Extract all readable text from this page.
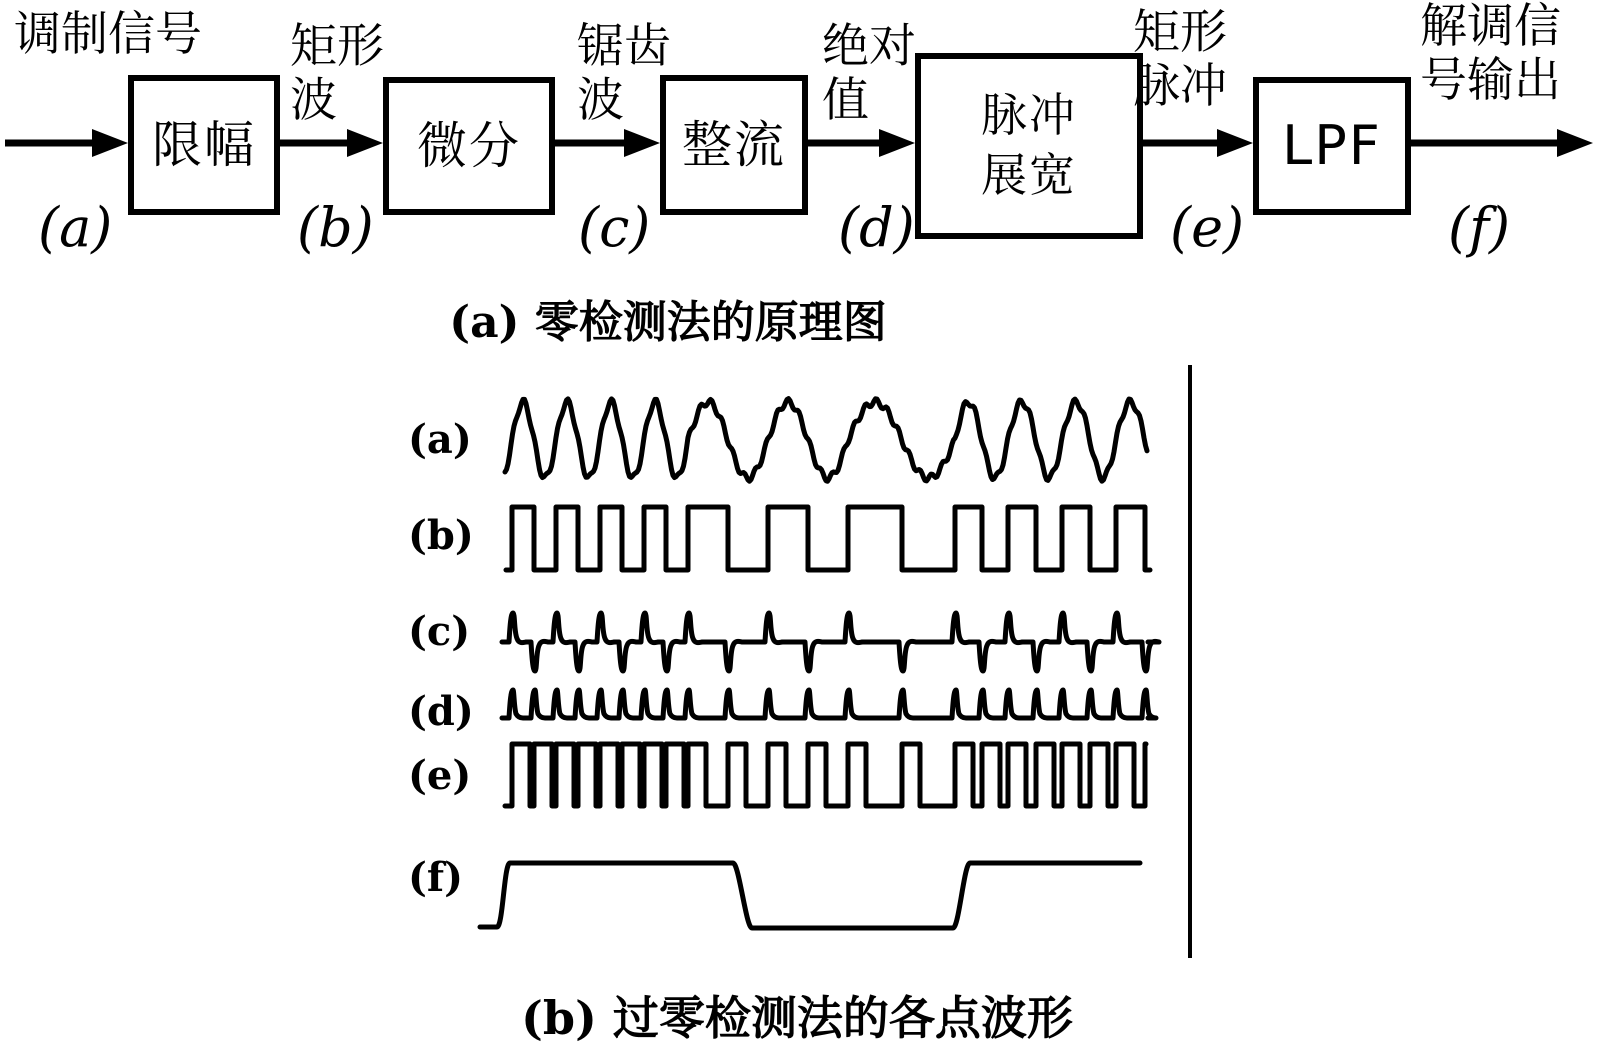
限幅	微分	整流
脉冲
展宽	LPF
调制信号 矩形
波
锯齿
波
绝对
值
矩形
脉冲
解调信
号输出
(a)	(b)	(c)	(d)	(e)	(f)
(a) 零检测法的原理图
(b) 过零检测法的各点波形
(a)
(b)
(c)
(d)
(e)
(f)
